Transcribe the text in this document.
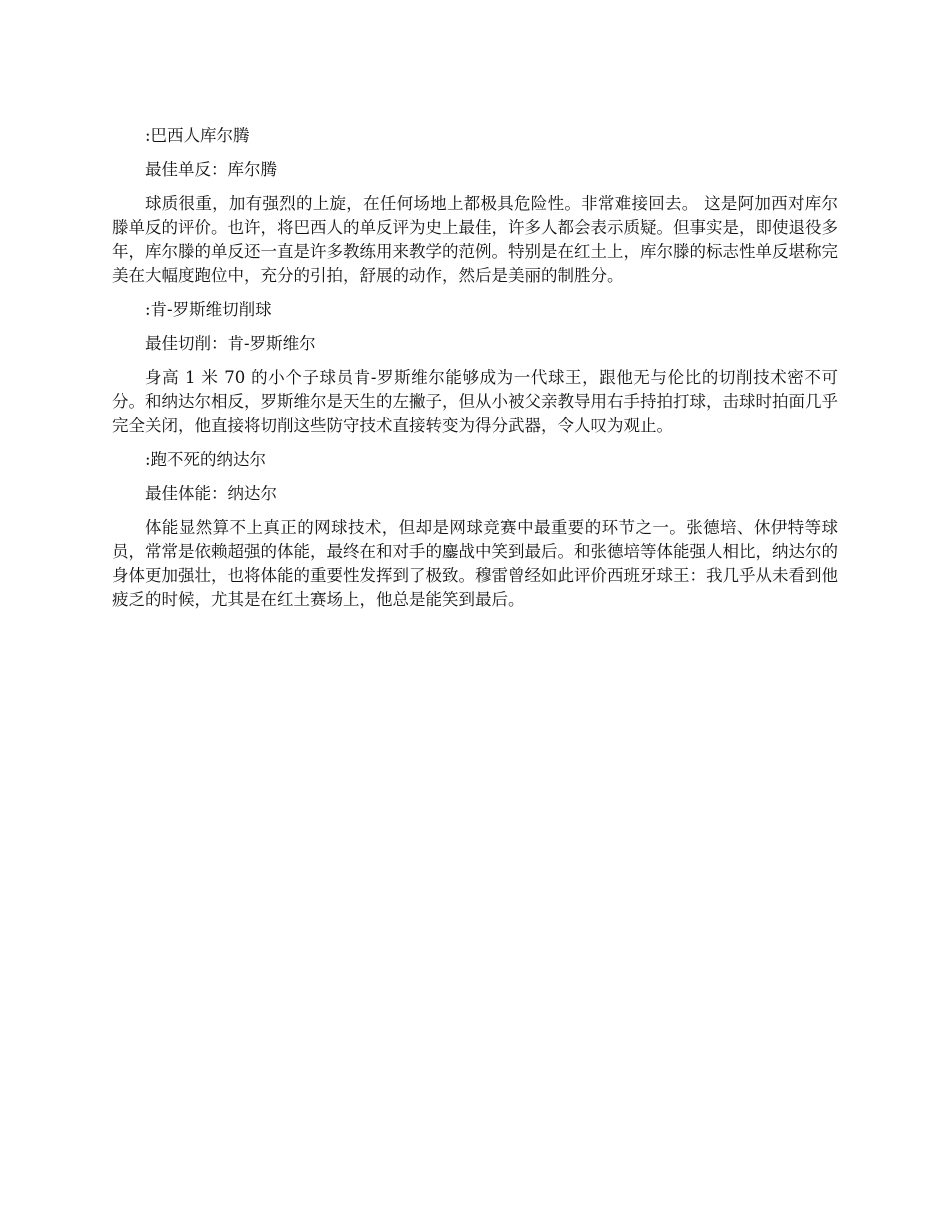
:巴西人库尔腾

最佳单反：库尔腾

球质很重，加有强烈的上旋，在任何场地上都极具危险性。非常难接回去。 这是阿加西对库尔滕单反的评价。也许，将巴西人的单反评为史上最佳，许多人都会表示质疑。但事实是，即使退役多年，库尔滕的单反还一直是许多教练用来教学的范例。特别是在红土上，库尔滕的标志性单反堪称完美在大幅度跑位中，充分的引拍，舒展的动作，然后是美丽的制胜分。

:肯-罗斯维切削球

最佳切削：肯-罗斯维尔

身高 1 米 70 的小个子球员肯-罗斯维尔能够成为一代球王，跟他无与伦比的切削技术密不可分。和纳达尔相反，罗斯维尔是天生的左撇子，但从小被父亲教导用右手持拍打球，击球时拍面几乎完全关闭，他直接将切削这些防守技术直接转变为得分武器，令人叹为观止。

:跑不死的纳达尔

最佳体能：纳达尔

体能显然算不上真正的网球技术，但却是网球竞赛中最重要的环节之一。张德培、休伊特等球员，常常是依赖超强的体能，最终在和对手的鏖战中笑到最后。和张德培等体能强人相比，纳达尔的身体更加强壮，也将体能的重要性发挥到了极致。穆雷曾经如此评价西班牙球王：我几乎从未看到他疲乏的时候，尤其是在红土赛场上，他总是能笑到最后。
